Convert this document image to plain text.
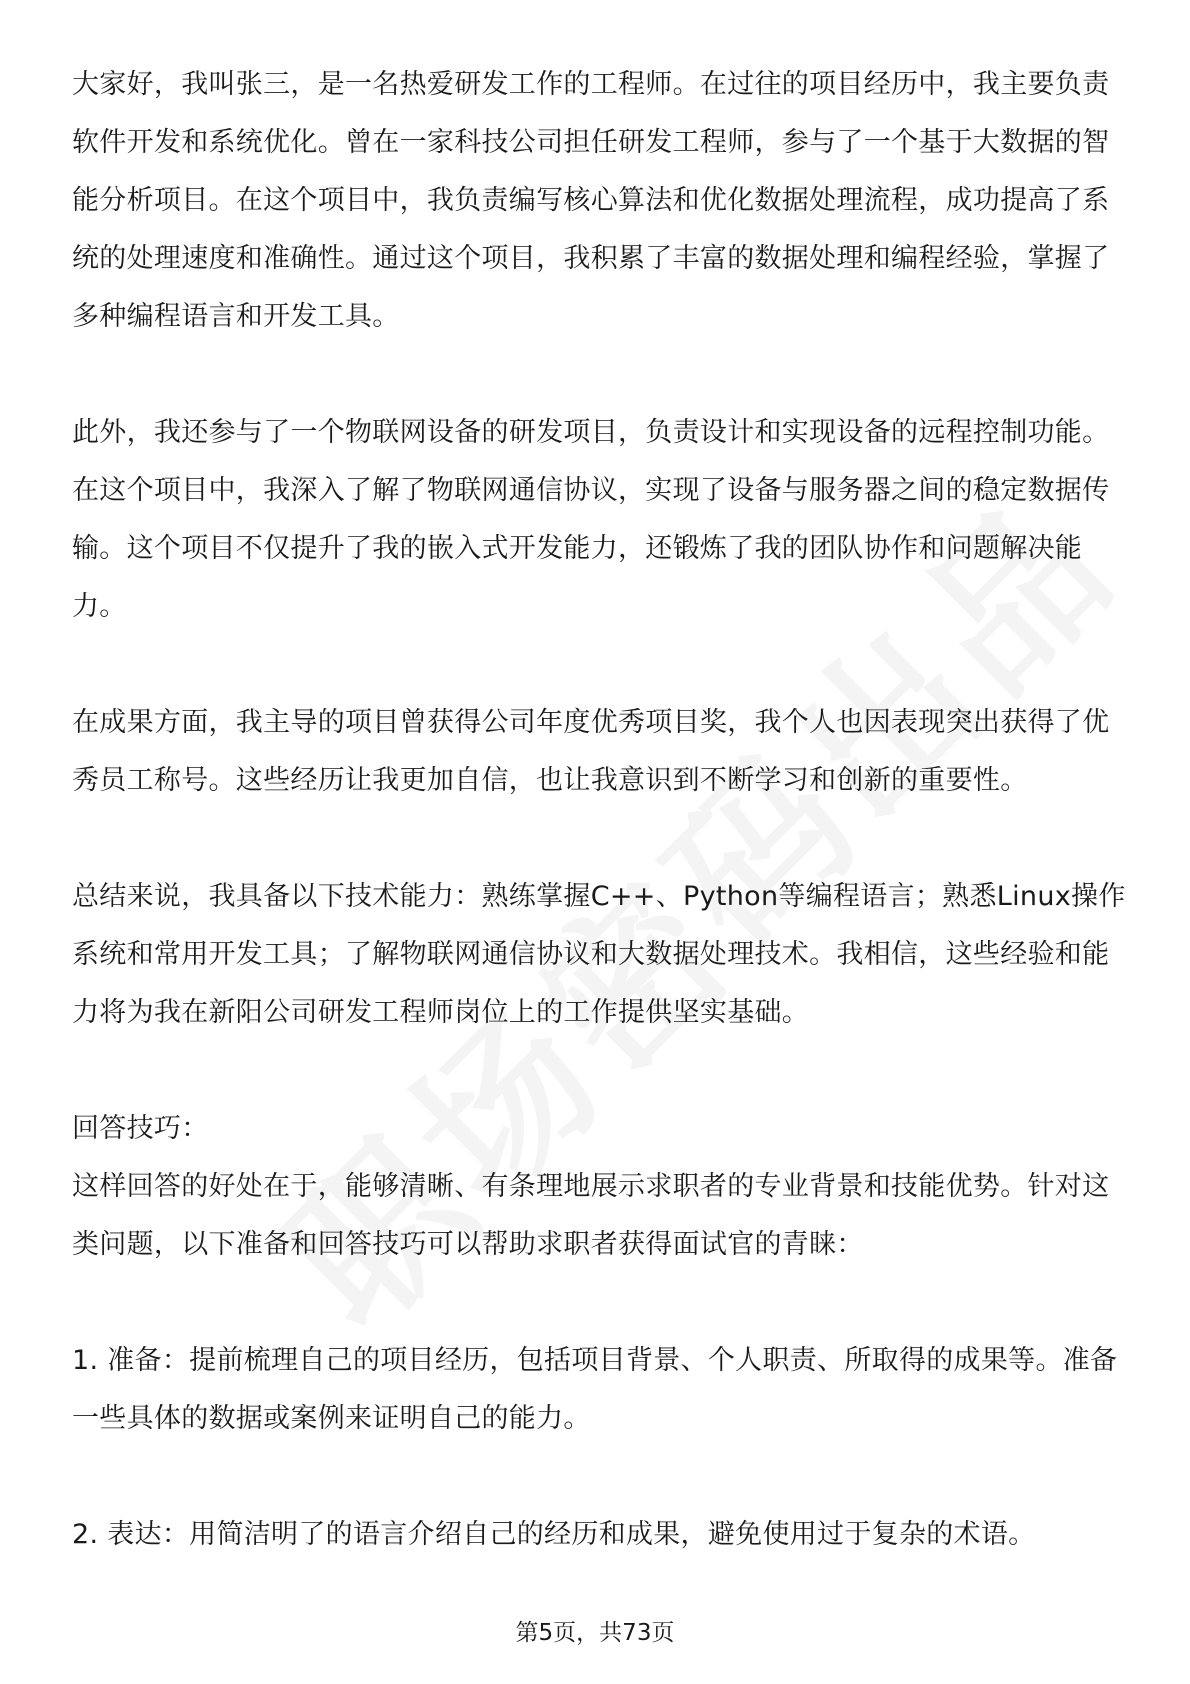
大家好，我叫张三，是一名热爱研发工作的工程师。在过往的项目经历中，我主要负责软件开发和系统优化。曾在一家科技公司担任研发工程师，参与了一个基于大数据的智能分析项目。在这个项目中，我负责编写核心算法和优化数据处理流程，成功提高了系统的处理速度和准确性。通过这个项目，我积累了丰富的数据处理和编程经验，掌握了多种编程语言和开发工具。

此外，我还参与了一个物联网设备的研发项目，负责设计和实现设备的远程控制功能。在这个项目中，我深入了解了物联网通信协议，实现了设备与服务器之间的稳定数据传输。这个项目不仅提升了我的嵌入式开发能力，还锻炼了我的团队协作和问题解决能力。

在成果方面，我主导的项目曾获得公司年度优秀项目奖，我个人也因表现突出获得了优秀员工称号。这些经历让我更加自信，也让我意识到不断学习和创新的重要性。

总结来说，我具备以下技术能力：熟练掌握C++、Python等编程语言；熟悉Linux操作系统和常用开发工具；了解物联网通信协议和大数据处理技术。我相信，这些经验和能力将为我在新阳公司研发工程师岗位上的工作提供坚实基础。

回答技巧：

这样回答的好处在于，能够清晰、有条理地展示求职者的专业背景和技能优势。针对这类问题，以下准备和回答技巧可以帮助求职者获得面试官的青睐：

1. 准备：提前梳理自己的项目经历，包括项目背景、个人职责、所取得的成果等。准备一些具体的数据或案例来证明自己的能力。

2. 表达：用简洁明了的语言介绍自己的经历和成果，避免使用过于复杂的术语。

第5页，共73页
